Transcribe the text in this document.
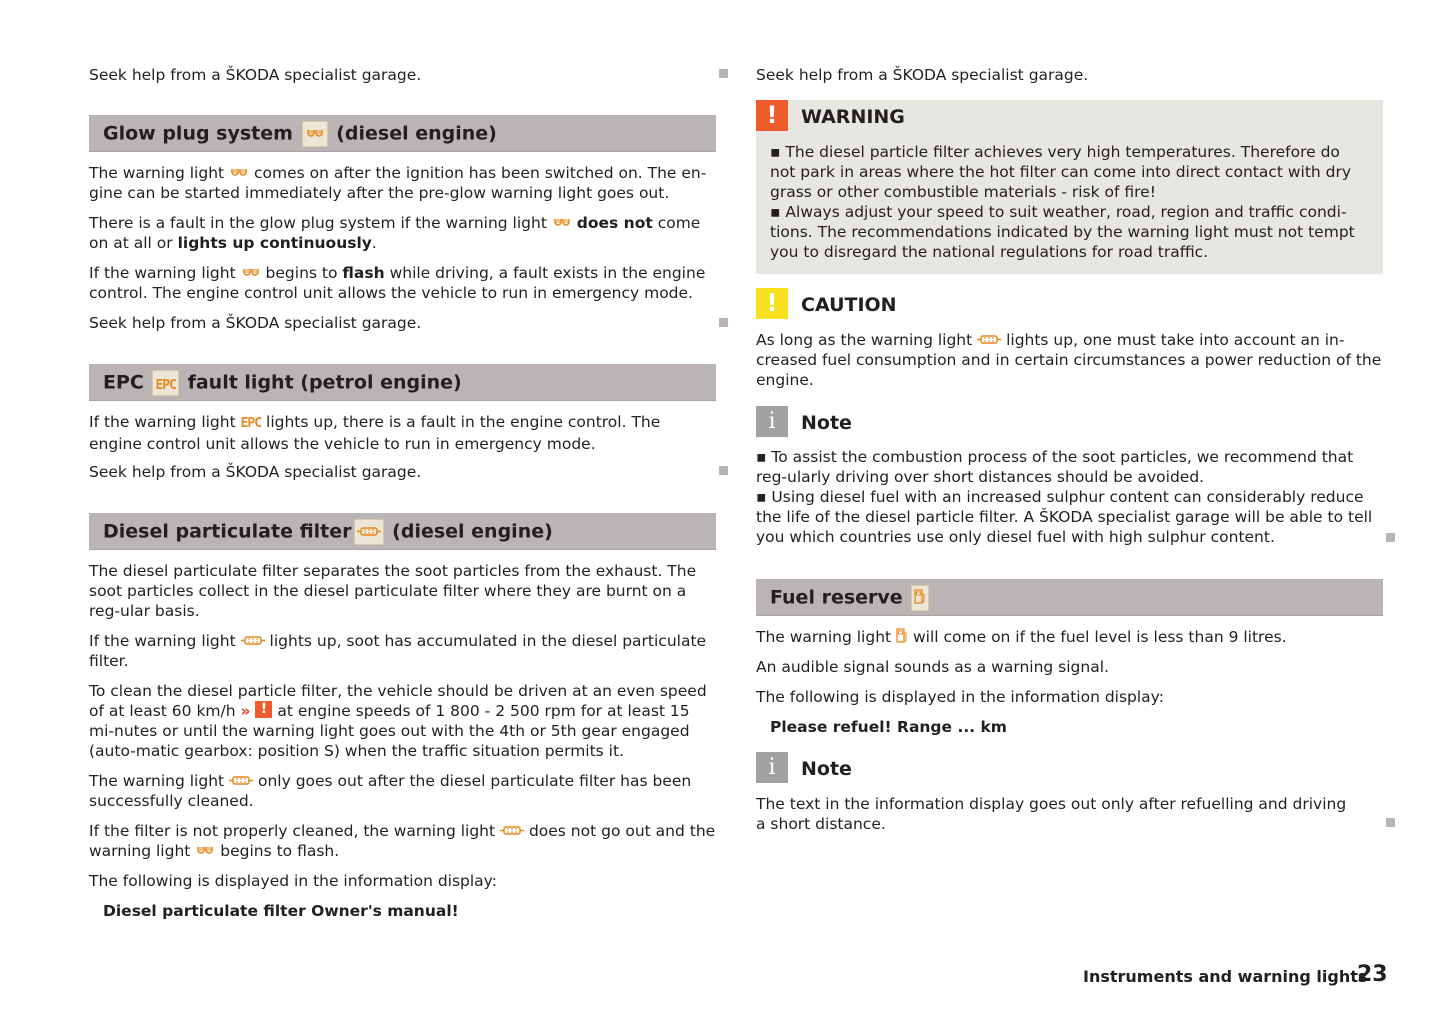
Seek help from a ŠKODA specialist garage.

Glow plug system (diesel engine)

The warning light comes on after the ignition has been switched on. The en-gine can be started immediately after the pre-glow warning light goes out.

There is a fault in the glow plug system if the warning light does not come on at all or lights up continuously.

If the warning light begins to flash while driving, a fault exists in the engine control. The engine control unit allows the vehicle to run in emergency mode.

Seek help from a ŠKODA specialist garage.

EPC EPC fault light (petrol engine)

If the warning light EPC lights up, there is a fault in the engine control. The engine control unit allows the vehicle to run in emergency mode.

Seek help from a ŠKODA specialist garage.

Diesel particulate filter (diesel engine)

The diesel particulate filter separates the soot particles from the exhaust. The soot particles collect in the diesel particulate filter where they are burnt on a reg-ular basis.

If the warning light lights up, soot has accumulated in the diesel particulate filter.

To clean the diesel particle filter, the vehicle should be driven at an even speed of at least 60 km/h » ! at engine speeds of 1 800 - 2 500 rpm for at least 15 mi-nutes or until the warning light goes out with the 4th or 5th gear engaged (auto-matic gearbox: position S) when the traffic situation permits it.

The warning light only goes out after the diesel particulate filter has been successfully cleaned.

If the filter is not properly cleaned, the warning light does not go out and the warning light begins to flash.

The following is displayed in the information display:

Diesel particulate filter Owner's manual!

Seek help from a ŠKODA specialist garage.

!	WARNING

▪ The diesel particle filter achieves very high temperatures. Therefore do not park in areas where the hot filter can come into direct contact with dry grass or other combustible materials - risk of fire!

▪ Always adjust your speed to suit weather, road, region and traffic condi-tions. The recommendations indicated by the warning light must not tempt you to disregard the national regulations for road traffic.

!	CAUTION

As long as the warning light lights up, one must take into account an in-creased fuel consumption and in certain circumstances a power reduction of the engine.

i	Note

▪ To assist the combustion process of the soot particles, we recommend that reg-ularly driving over short distances should be avoided.

▪ Using diesel fuel with an increased sulphur content can considerably reduce the life of the diesel particle filter. A ŠKODA specialist garage will be able to tell you which countries use only diesel fuel with high sulphur content.

Fuel reserve

The warning light will come on if the fuel level is less than 9 litres.

An audible signal sounds as a warning signal.

The following is displayed in the information display:

Please refuel! Range ... km

i	Note

The text in the information display goes out only after refuelling and driving a short distance.

Instruments and warning lights
23
